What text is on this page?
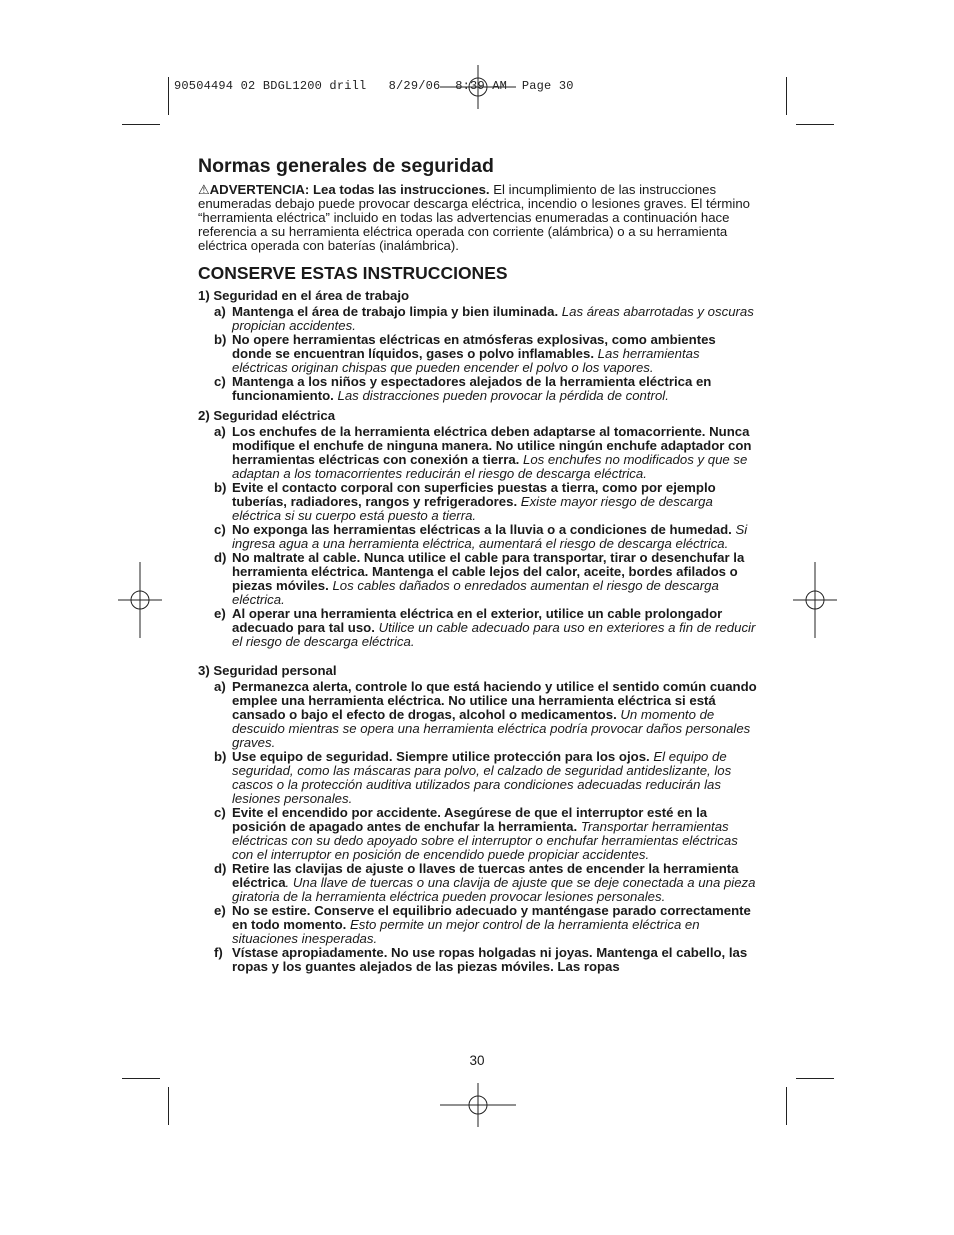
90504494 02 BDGL1200 drill   8/29/06  8:39 AM  Page 30
Normas generales de seguridad

⚠ADVERTENCIA: Lea todas las instrucciones. El incumplimiento de las instrucciones enumeradas debajo puede provocar descarga eléctrica, incendio o lesiones graves. El término “herramienta eléctrica” incluido en todas las advertencias enumeradas a continuación hace referencia a su herramienta eléctrica operada con corriente (alámbrica) o a su herramienta eléctrica operada con baterías (inalámbrica).

CONSERVE ESTAS INSTRUCCIONES

1) Seguridad en el área de trabajo

a) Mantenga el área de trabajo limpia y bien iluminada. Las áreas abarrotadas y oscuras propician accidentes.
b) No opere herramientas eléctricas en atmósferas explosivas, como ambientes donde se encuentran líquidos, gases o polvo inflamables. Las herramientas eléctricas originan chispas que pueden encender el polvo o los vapores.
c) Mantenga a los niños y espectadores alejados de la herramienta eléctrica en funcionamiento. Las distracciones pueden provocar la pérdida de control.

2) Seguridad eléctrica

a) Los enchufes de la herramienta eléctrica deben adaptarse al tomacorriente. Nunca modifique el enchufe de ninguna manera. No utilice ningún enchufe adaptador con herramientas eléctricas con conexión a tierra. Los enchufes no modificados y que se adaptan a los tomacorrientes reducirán el riesgo de descarga eléctrica.
b) Evite el contacto corporal con superficies puestas a tierra, como por ejemplo tuberías, radiadores, rangos y refrigeradores. Existe mayor riesgo de descarga eléctrica si su cuerpo está puesto a tierra.
c) No exponga las herramientas eléctricas a la lluvia o a condiciones de humedad. Si ingresa agua a una herramienta eléctrica, aumentará el riesgo de descarga eléctrica.
d) No maltrate al cable. Nunca utilice el cable para transportar, tirar o desenchufar la herramienta eléctrica. Mantenga el cable lejos del calor, aceite, bordes afilados o piezas móviles. Los cables dañados o enredados aumentan el riesgo de descarga eléctrica.
e) Al operar una herramienta eléctrica en el exterior, utilice un cable prolongador adecuado para tal uso. Utilice un cable adecuado para uso en exteriores a fin de reducir el riesgo de descarga eléctrica.

3) Seguridad personal

a) Permanezca alerta, controle lo que está haciendo y utilice el sentido común cuando emplee una herramienta eléctrica. No utilice una herramienta eléctrica si está cansado o bajo el efecto de drogas, alcohol o medicamentos. Un momento de descuido mientras se opera una herramienta eléctrica podría provocar daños personales graves.
b) Use equipo de seguridad. Siempre utilice protección para los ojos. El equipo de seguridad, como las máscaras para polvo, el calzado de seguridad antideslizante, los cascos o la protección auditiva utilizados para condiciones adecuadas reducirán las lesiones personales.
c) Evite el encendido por accidente. Asegúrese de que el interruptor esté en la posición de apagado antes de enchufar la herramienta. Transportar herramientas eléctricas con su dedo apoyado sobre el interruptor o enchufar herramientas eléctricas con el interruptor en posición de encendido puede propiciar accidentes.
d) Retire las clavijas de ajuste o llaves de tuercas antes de encender la herramienta eléctrica. Una llave de tuercas o una clavija de ajuste que se deje conectada a una pieza giratoria de la herramienta eléctrica pueden provocar lesiones personales.
e) No se estire. Conserve el equilibrio adecuado y manténgase parado correctamente en todo momento. Esto permite un mejor control de la herramienta eléctrica en situaciones inesperadas.
f) Vístase apropiadamente. No use ropas holgadas ni joyas. Mantenga el cabello, las ropas y los guantes alejados de las piezas móviles. Las ropas
30
